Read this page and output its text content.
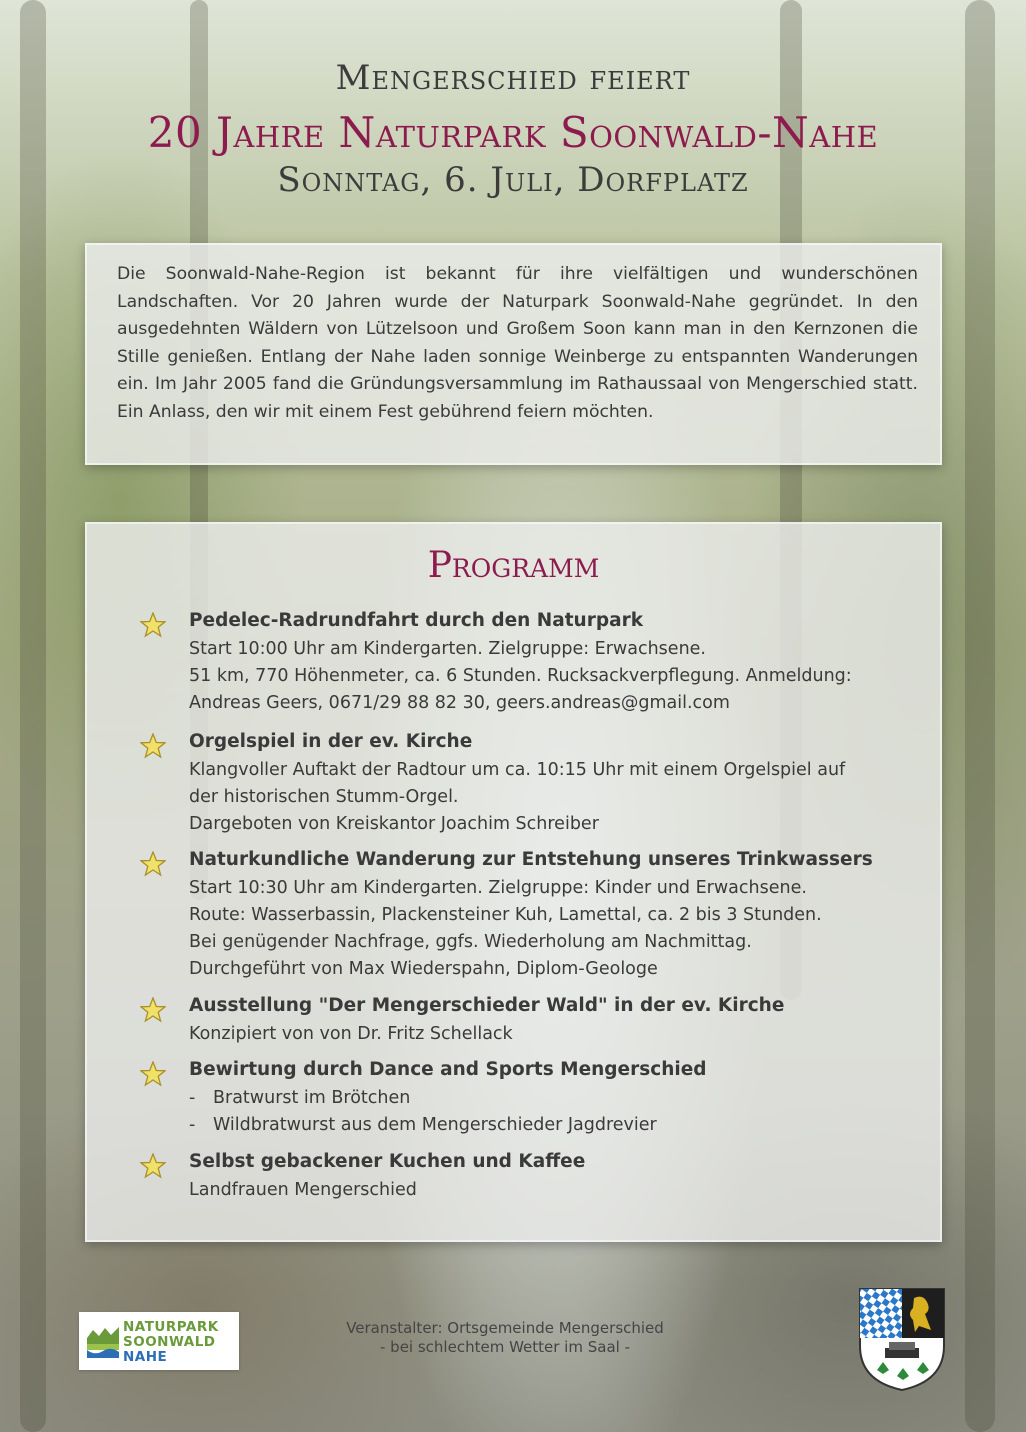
Mengerschied feiert
20 Jahre Naturpark Soonwald-Nahe
Sonntag, 6. Juli, Dorfplatz

Die Soonwald-Nahe-Region ist bekannt für ihre vielfältigen und wunderschönen Landschaften. Vor 20 Jahren wurde der Naturpark Soonwald-Nahe gegründet. In den ausgedehnten Wäldern von Lützelsoon und Großem Soon kann man in den Kernzonen die Stille genießen. Entlang der Nahe laden sonnige Weinberge zu entspannten Wanderungen ein. Im Jahr 2005 fand die Gründungsversammlung im Rathaussaal von Mengerschied statt. Ein Anlass, den wir mit einem Fest gebührend feiern möchten.

Programm
Pedelec-Radrundfahrt durch den Naturpark
Start 10:00 Uhr am Kindergarten. Zielgruppe: Erwachsene.
51 km, 770 Höhenmeter, ca. 6 Stunden. Rucksackverpflegung. Anmeldung:
Andreas Geers, 0671/29 88 82 30, geers.andreas@gmail.com
Orgelspiel in der ev. Kirche
Klangvoller Auftakt der Radtour um ca. 10:15 Uhr mit einem Orgelspiel auf
der historischen Stumm-Orgel.
Dargeboten von Kreiskantor Joachim Schreiber
Naturkundliche Wanderung zur Entstehung unseres Trinkwassers
Start 10:30 Uhr am Kindergarten. Zielgruppe: Kinder und Erwachsene.
Route: Wasserbassin, Plackensteiner Kuh, Lamettal, ca. 2 bis 3 Stunden.
Bei genügender Nachfrage, ggfs. Wiederholung am Nachmittag.
Durchgeführt von Max Wiederspahn, Diplom-Geologe
Ausstellung "Der Mengerschieder Wald" in der ev. Kirche
Konzipiert von von Dr. Fritz Schellack
Bewirtung durch Dance and Sports Mengerschied
- Bratwurst im Brötchen
- Wildbratwurst aus dem Mengerschieder Jagdrevier
Selbst gebackener Kuchen und Kaffee
Landfrauen Mengerschied
NATURPARK
SOONWALD
NAHE
Veranstalter: Ortsgemeinde Mengerschied
- bei schlechtem Wetter im Saal -
